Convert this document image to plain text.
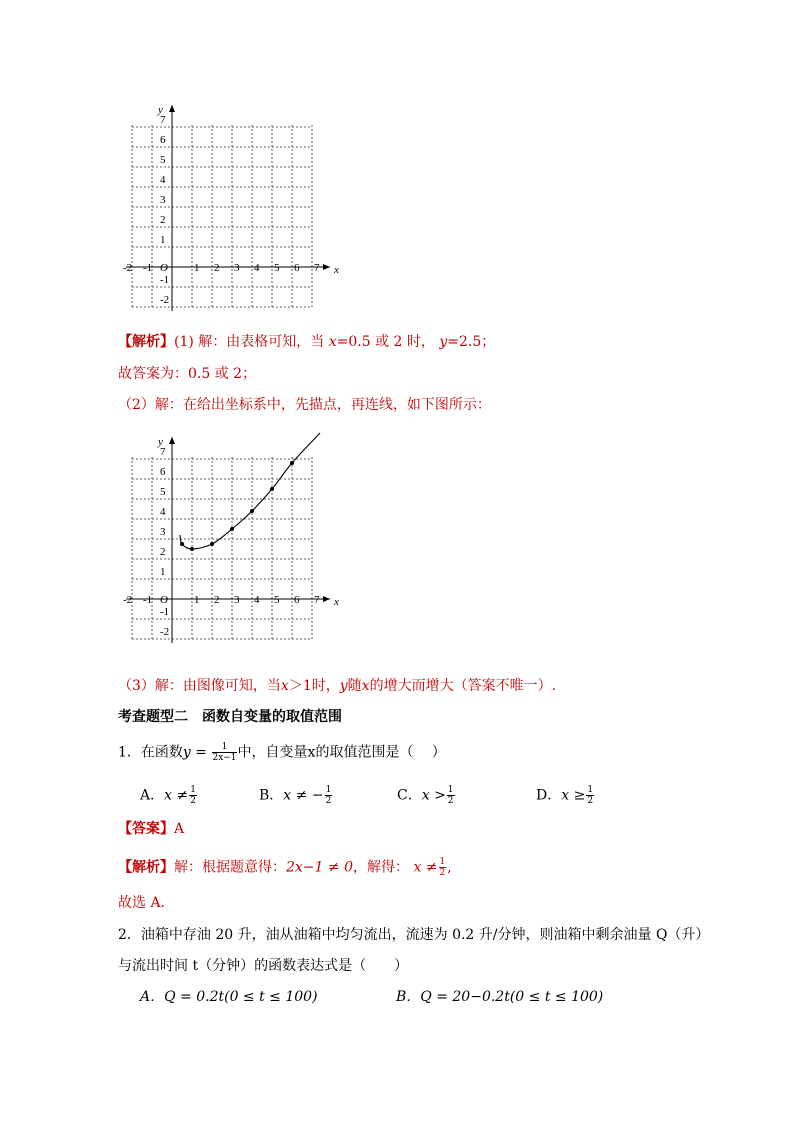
-2 -1 O 1 2 3 4 5 6 7
7
6
5
4
3
2
1
-1
-2
x
y
【解析】(1) 解：由表格可知，当 x=0.5 或 2 时， y=2.5；
故答案为：0.5 或 2；
（2）解：在给出坐标系中，先描点，再连线，如下图所示：
-2 -1 O 1 2 3 4 5 6 7
7
6
5
4
3
2
1
-1
-2
x
y
（3）解：由图像可知，当x＞1时，y随x的增大而增大（答案不唯一）.
考查题型二　函数自变量的取值范围
1．在函数$y = \frac{1}{2x-1}$ 中，自变量x的取值范围是（　 ）
A．$x \ne \frac{1}{2}$	B．x ≠ − $\frac{1}{2}$	C．$x > \frac{1}{2}$	D．$x \ge \frac{1}{2}$
【答案】A
【解析】解：根据题意得：2x−1 ≠ 0，解得： $x \ne \frac{1}{2}$ ,
故选 A．
2．油箱中存油 20 升，油从油箱中均匀流出，流速为 0.2 升/分钟，则油箱中剩余油量 Q（升）
与流出时间 t（分钟）的函数表达式是（　　）
A．Q = 0.2t(0 ≤ t ≤ 100)	B．Q = 20−0.2t(0 ≤ t ≤ 100)
